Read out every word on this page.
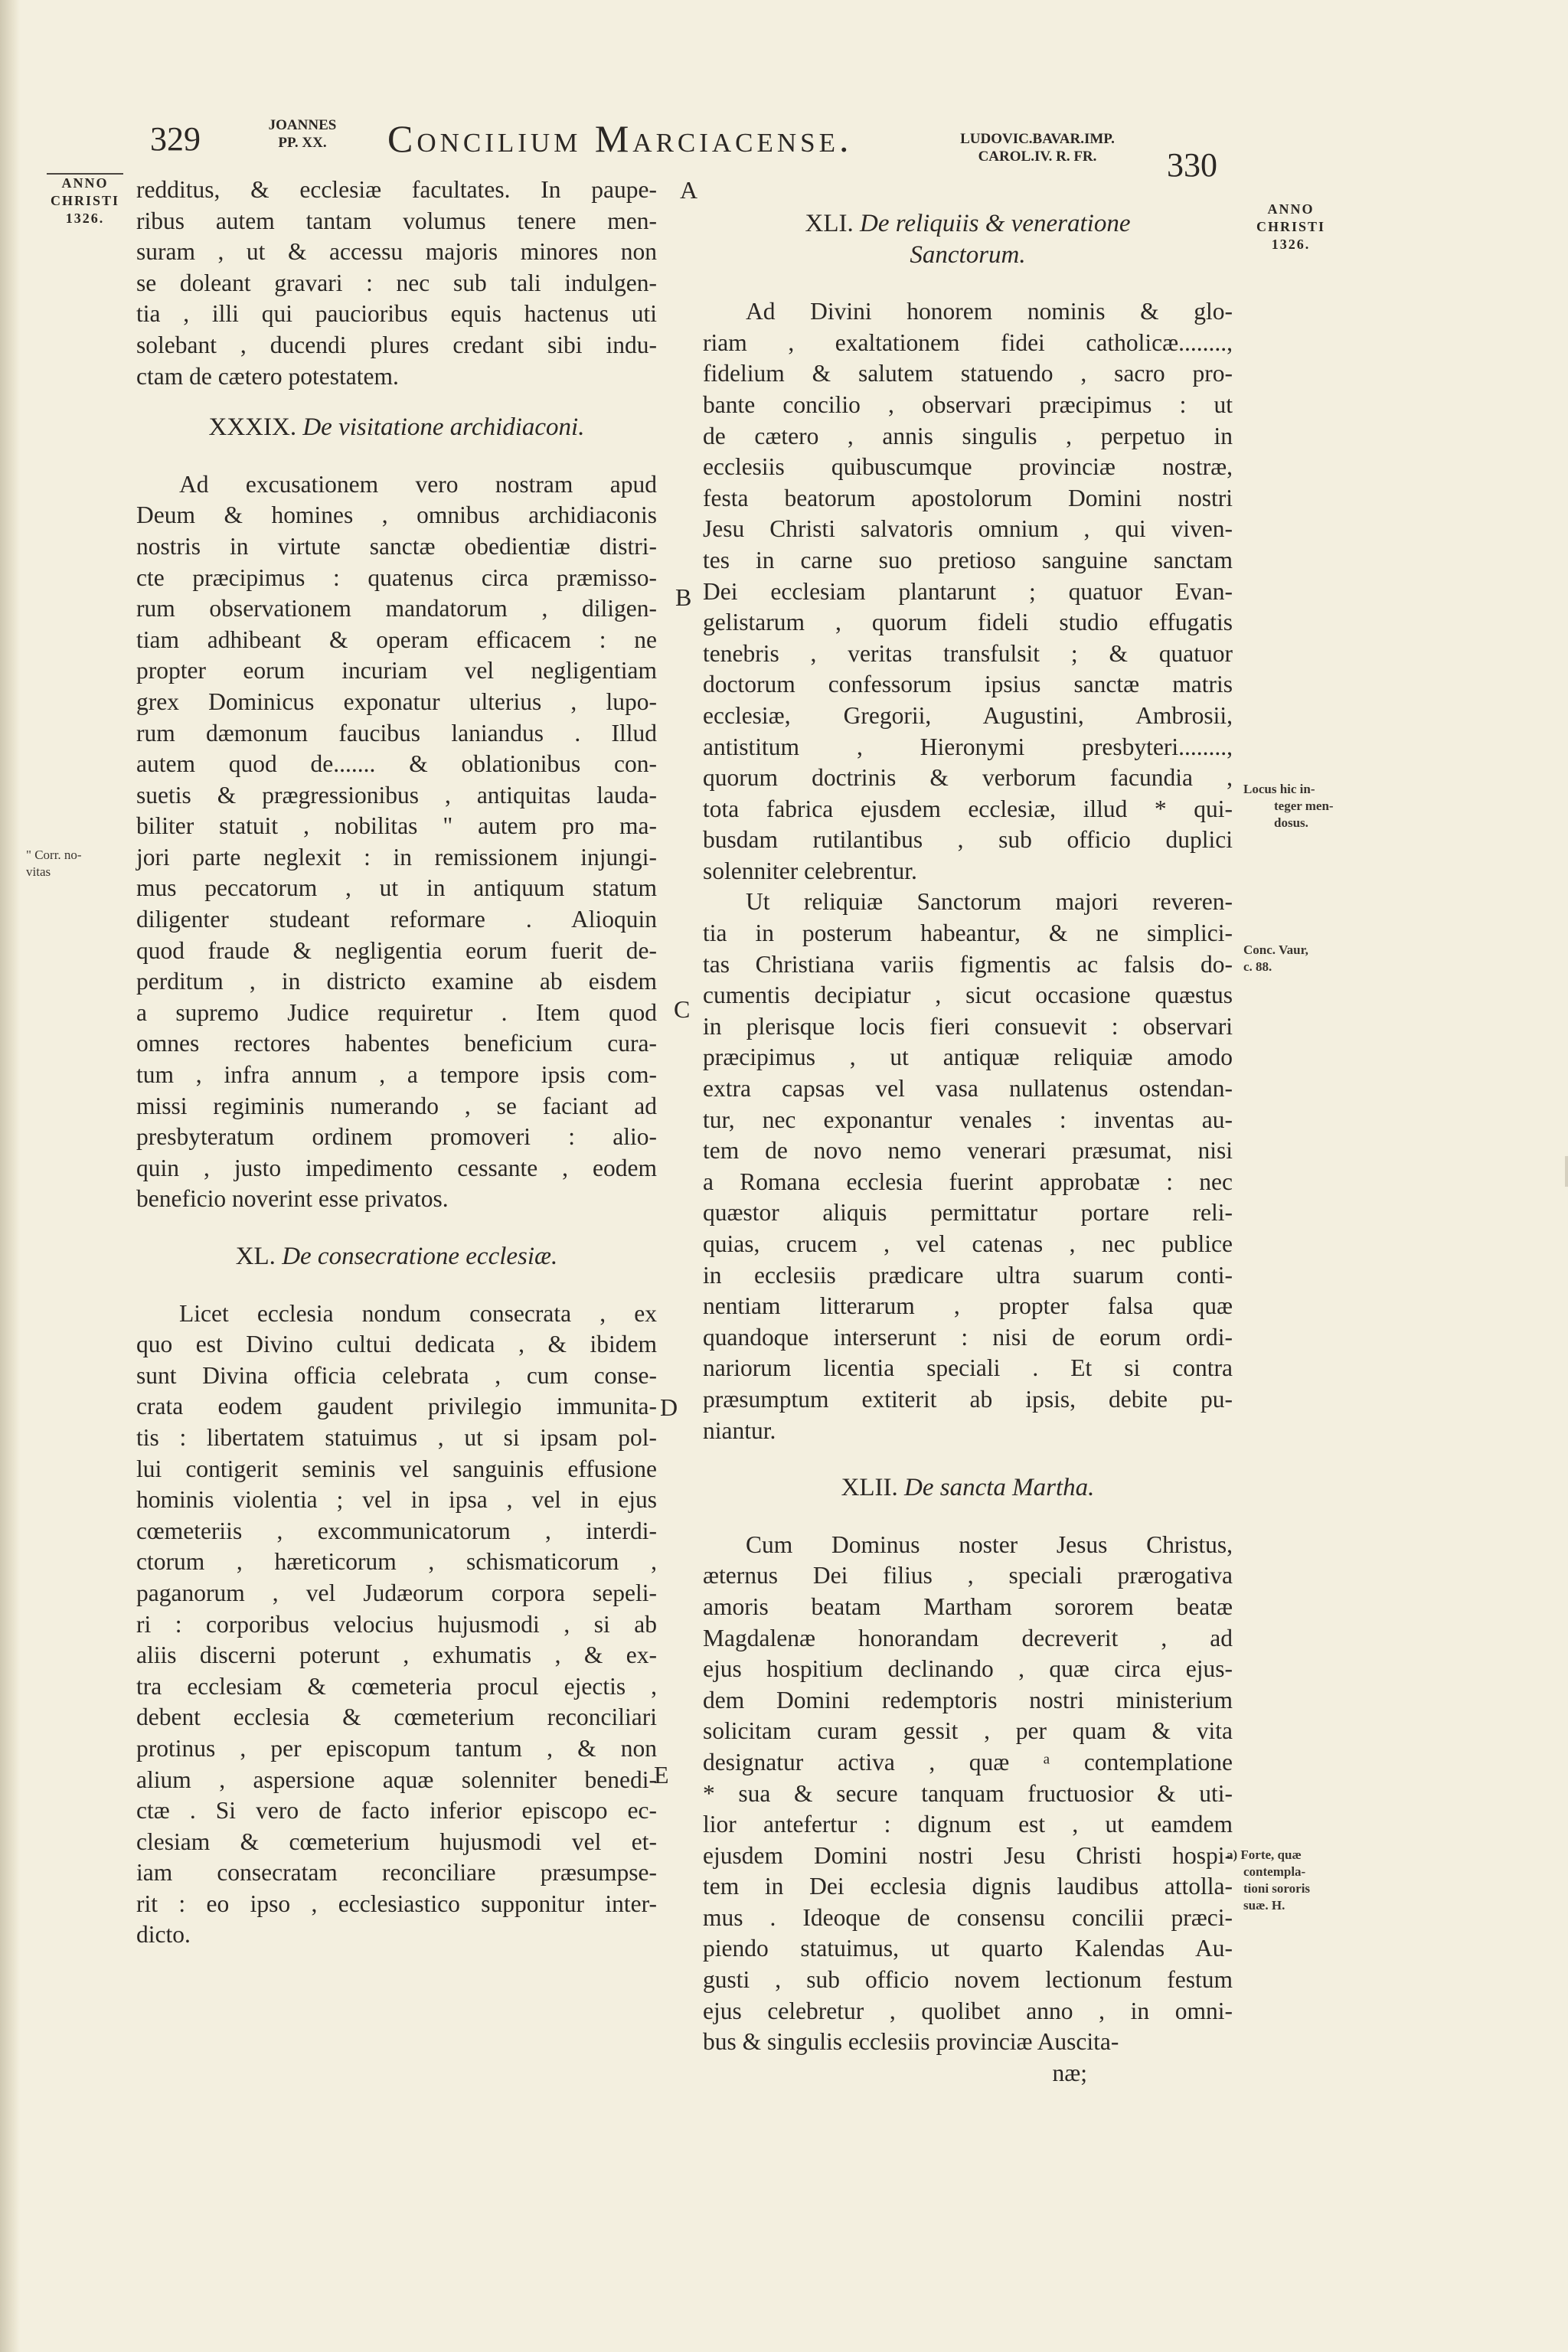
329	JOANNES
PP. XX.	Concilium Marciacense.	LUDOVIC.BAVAR.IMP.
CAROL.IV. R. FR.	330
ANNO
CHRISTI
1326.
ANNO
CHRISTI
1326.
" Corr. no-
vitas
Locus hic in-
teger men-
dosus.
Conc. Vaur,
c. 88.
a) Forte, quæ
contempla-
tioni sororis
suæ. H.
A
B
C
D
E
redditus, & ecclesiæ facultates. In paupe-
ribus autem tantam volumus tenere men-
suram , ut & accessu majoris minores non
se doleant gravari : nec sub tali indulgen-
tia , illi qui paucioribus equis hactenus uti
solebant , ducendi plures credant sibi indu-
ctam de cætero potestatem.
XXXIX. De visitatione archidiaconi.
Ad excusationem vero nostram apud
Deum & homines , omnibus archidiaconis
nostris in virtute sanctæ obedientiæ distri-
cte præcipimus : quatenus circa præmisso-
rum observationem mandatorum , diligen-
tiam adhibeant & operam efficacem : ne
propter eorum incuriam vel negligentiam
grex Dominicus exponatur ulterius , lupo-
rum dæmonum faucibus laniandus . Illud
autem quod de....... & oblationibus con-
suetis & prægressionibus , antiquitas lauda-
biliter statuit , nobilitas " autem pro ma-
jori parte neglexit : in remissionem injungi-
mus peccatorum , ut in antiquum statum
diligenter studeant reformare . Alioquin
quod fraude & negligentia eorum fuerit de-
perditum , in districto examine ab eisdem
a supremo Judice requiretur . Item quod
omnes rectores habentes beneficium cura-
tum , infra annum , a tempore ipsis com-
missi regiminis numerando , se faciant ad
presbyteratum ordinem promoveri : alio-
quin , justo impedimento cessante , eodem
beneficio noverint esse privatos.
XL. De consecratione ecclesiæ.
Licet ecclesia nondum consecrata , ex
quo est Divino cultui dedicata , & ibidem
sunt Divina officia celebrata , cum conse-
crata eodem gaudent privilegio immunita-
tis : libertatem statuimus , ut si ipsam pol-
lui contigerit seminis vel sanguinis effusione
hominis violentia ; vel in ipsa , vel in ejus
cœmeteriis , excommunicatorum , interdi-
ctorum , hæreticorum , schismaticorum ,
paganorum , vel Judæorum corpora sepeli-
ri : corporibus velocius hujusmodi , si ab
aliis discerni poterunt , exhumatis , & ex-
tra ecclesiam & cœmeteria procul ejectis ,
debent ecclesia & cœmeterium reconciliari
protinus , per episcopum tantum , & non
alium , aspersione aquæ solenniter benedi-
ctæ . Si vero de facto inferior episcopo ec-
clesiam & cœmeterium hujusmodi vel et-
iam consecratam reconciliare præsumpse-
rit : eo ipso , ecclesiastico supponitur inter-
dicto.
XLI. De reliquiis & veneratione
Sanctorum.
Ad Divini honorem nominis & glo-
riam , exaltationem fidei catholicæ........,
fidelium & salutem statuendo , sacro pro-
bante concilio , observari præcipimus : ut
de cætero , annis singulis , perpetuo in
ecclesiis quibuscumque provinciæ nostræ,
festa beatorum apostolorum Domini nostri
Jesu Christi salvatoris omnium , qui viven-
tes in carne suo pretioso sanguine sanctam
Dei ecclesiam plantarunt ; quatuor Evan-
gelistarum , quorum fideli studio effugatis
tenebris , veritas transfulsit ; & quatuor
doctorum confessorum ipsius sanctæ matris
ecclesiæ, Gregorii, Augustini, Ambrosii,
antistitum , Hieronymi presbyteri........,
quorum doctrinis & verborum facundia ,
tota fabrica ejusdem ecclesiæ, illud * qui-
busdam rutilantibus , sub officio duplici
solenniter celebrentur.
Ut reliquiæ Sanctorum majori reveren-
tia in posterum habeantur, & ne simplici-
tas Christiana variis figmentis ac falsis do-
cumentis decipiatur , sicut occasione quæstus
in plerisque locis fieri consuevit : observari
præcipimus , ut antiquæ reliquiæ amodo
extra capsas vel vasa nullatenus ostendan-
tur, nec exponantur venales : inventas au-
tem de novo nemo venerari præsumat, nisi
a Romana ecclesia fuerint approbatæ : nec
quæstor aliquis permittatur portare reli-
quias, crucem , vel catenas , nec publice
in ecclesiis prædicare ultra suarum conti-
nentiam litterarum , propter falsa quæ
quandoque interserunt : nisi de eorum ordi-
nariorum licentia speciali . Et si contra
præsumptum extiterit ab ipsis, debite pu-
niantur.
XLII. De sancta Martha.
Cum Dominus noster Jesus Christus,
æternus Dei filius , speciali prærogativa
amoris beatam Martham sororem beatæ
Magdalenæ honorandam decreverit , ad
ejus hospitium declinando , quæ circa ejus-
dem Domini redemptoris nostri ministerium
solicitam curam gessit , per quam & vita
designatur activa , quæ ᵃ contemplatione
* sua & secure tanquam fructuosior & uti-
lior antefertur : dignum est , ut eamdem
ejusdem Domini nostri Jesu Christi hospi-
tem in Dei ecclesia dignis laudibus attolla-
mus . Ideoque de consensu concilii præci-
piendo statuimus, ut quarto Kalendas Au-
gusti , sub officio novem lectionum festum
ejus celebretur , quolibet anno , in omni-
bus & singulis ecclesiis provinciæ Auscita-
næ;
